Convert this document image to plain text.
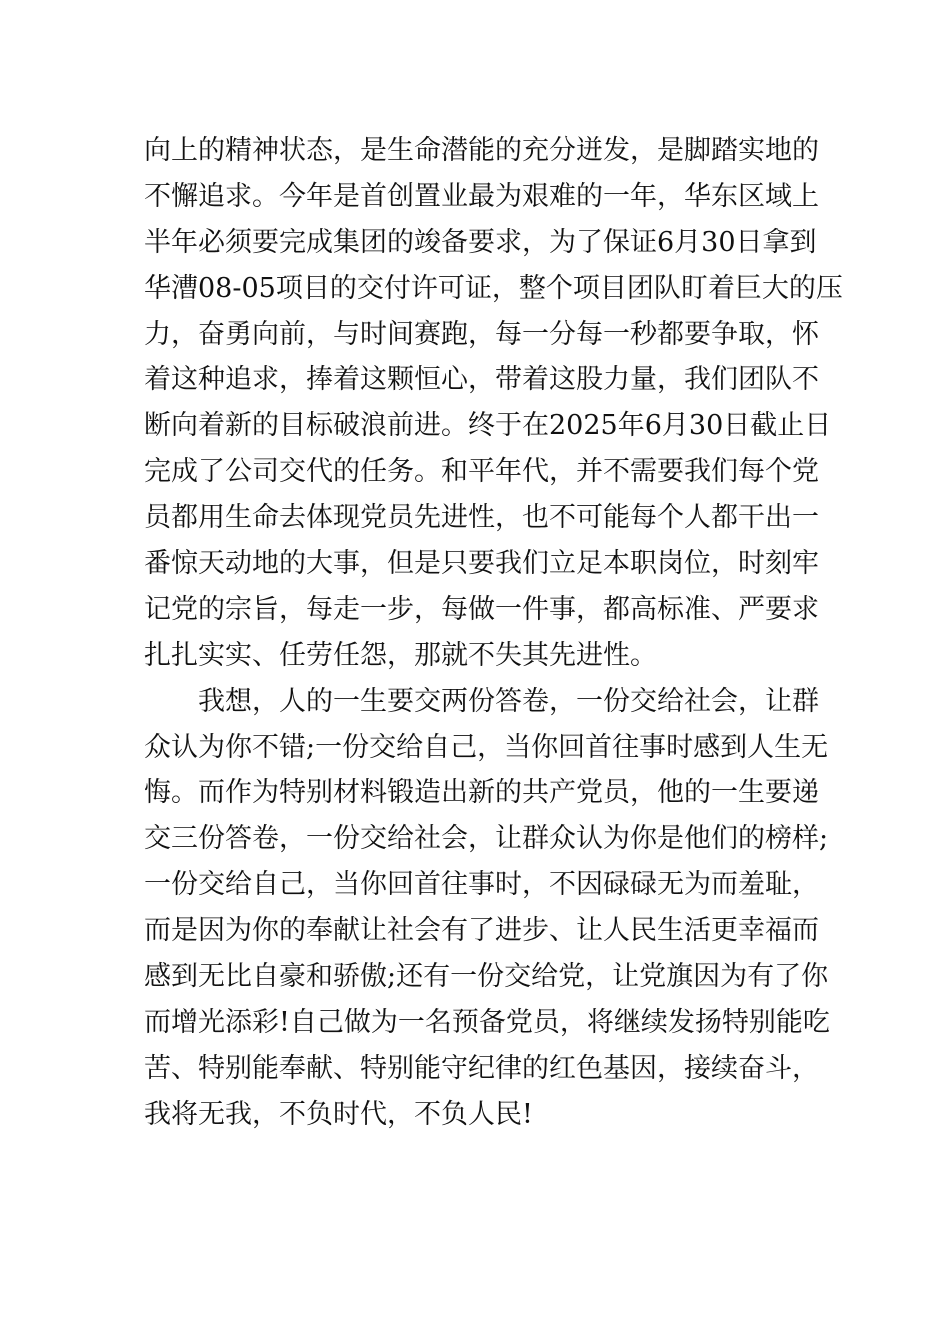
向上的精神状态，是生命潜能的充分迸发，是脚踏实地的
不懈追求。今年是首创置业最为艰难的一年，华东区域上
半年必须要完成集团的竣备要求，为了保证6月30日拿到
华漕08-05项目的交付许可证，整个项目团队盯着巨大的压
力，奋勇向前，与时间赛跑，每一分每一秒都要争取，怀
着这种追求，捧着这颗恒心，带着这股力量，我们团队不
断向着新的目标破浪前进。终于在2025年6月30日截止日
完成了公司交代的任务。和平年代，并不需要我们每个党
员都用生命去体现党员先进性，也不可能每个人都干出一
番惊天动地的大事，但是只要我们立足本职岗位，时刻牢
记党的宗旨，每走一步，每做一件事，都高标准、严要求
扎扎实实、任劳任怨，那就不失其先进性。
我想，人的一生要交两份答卷，一份交给社会，让群
众认为你不错;一份交给自己，当你回首往事时感到人生无
悔。而作为特别材料锻造出新的共产党员，他的一生要递
交三份答卷，一份交给社会，让群众认为你是他们的榜样;
一份交给自己，当你回首往事时，不因碌碌无为而羞耻，
而是因为你的奉献让社会有了进步、让人民生活更幸福而
感到无比自豪和骄傲;还有一份交给党，让党旗因为有了你
而增光添彩!自己做为一名预备党员，将继续发扬特别能吃
苦、特别能奉献、特别能守纪律的红色基因，接续奋斗，
我将无我，不负时代，不负人民!
